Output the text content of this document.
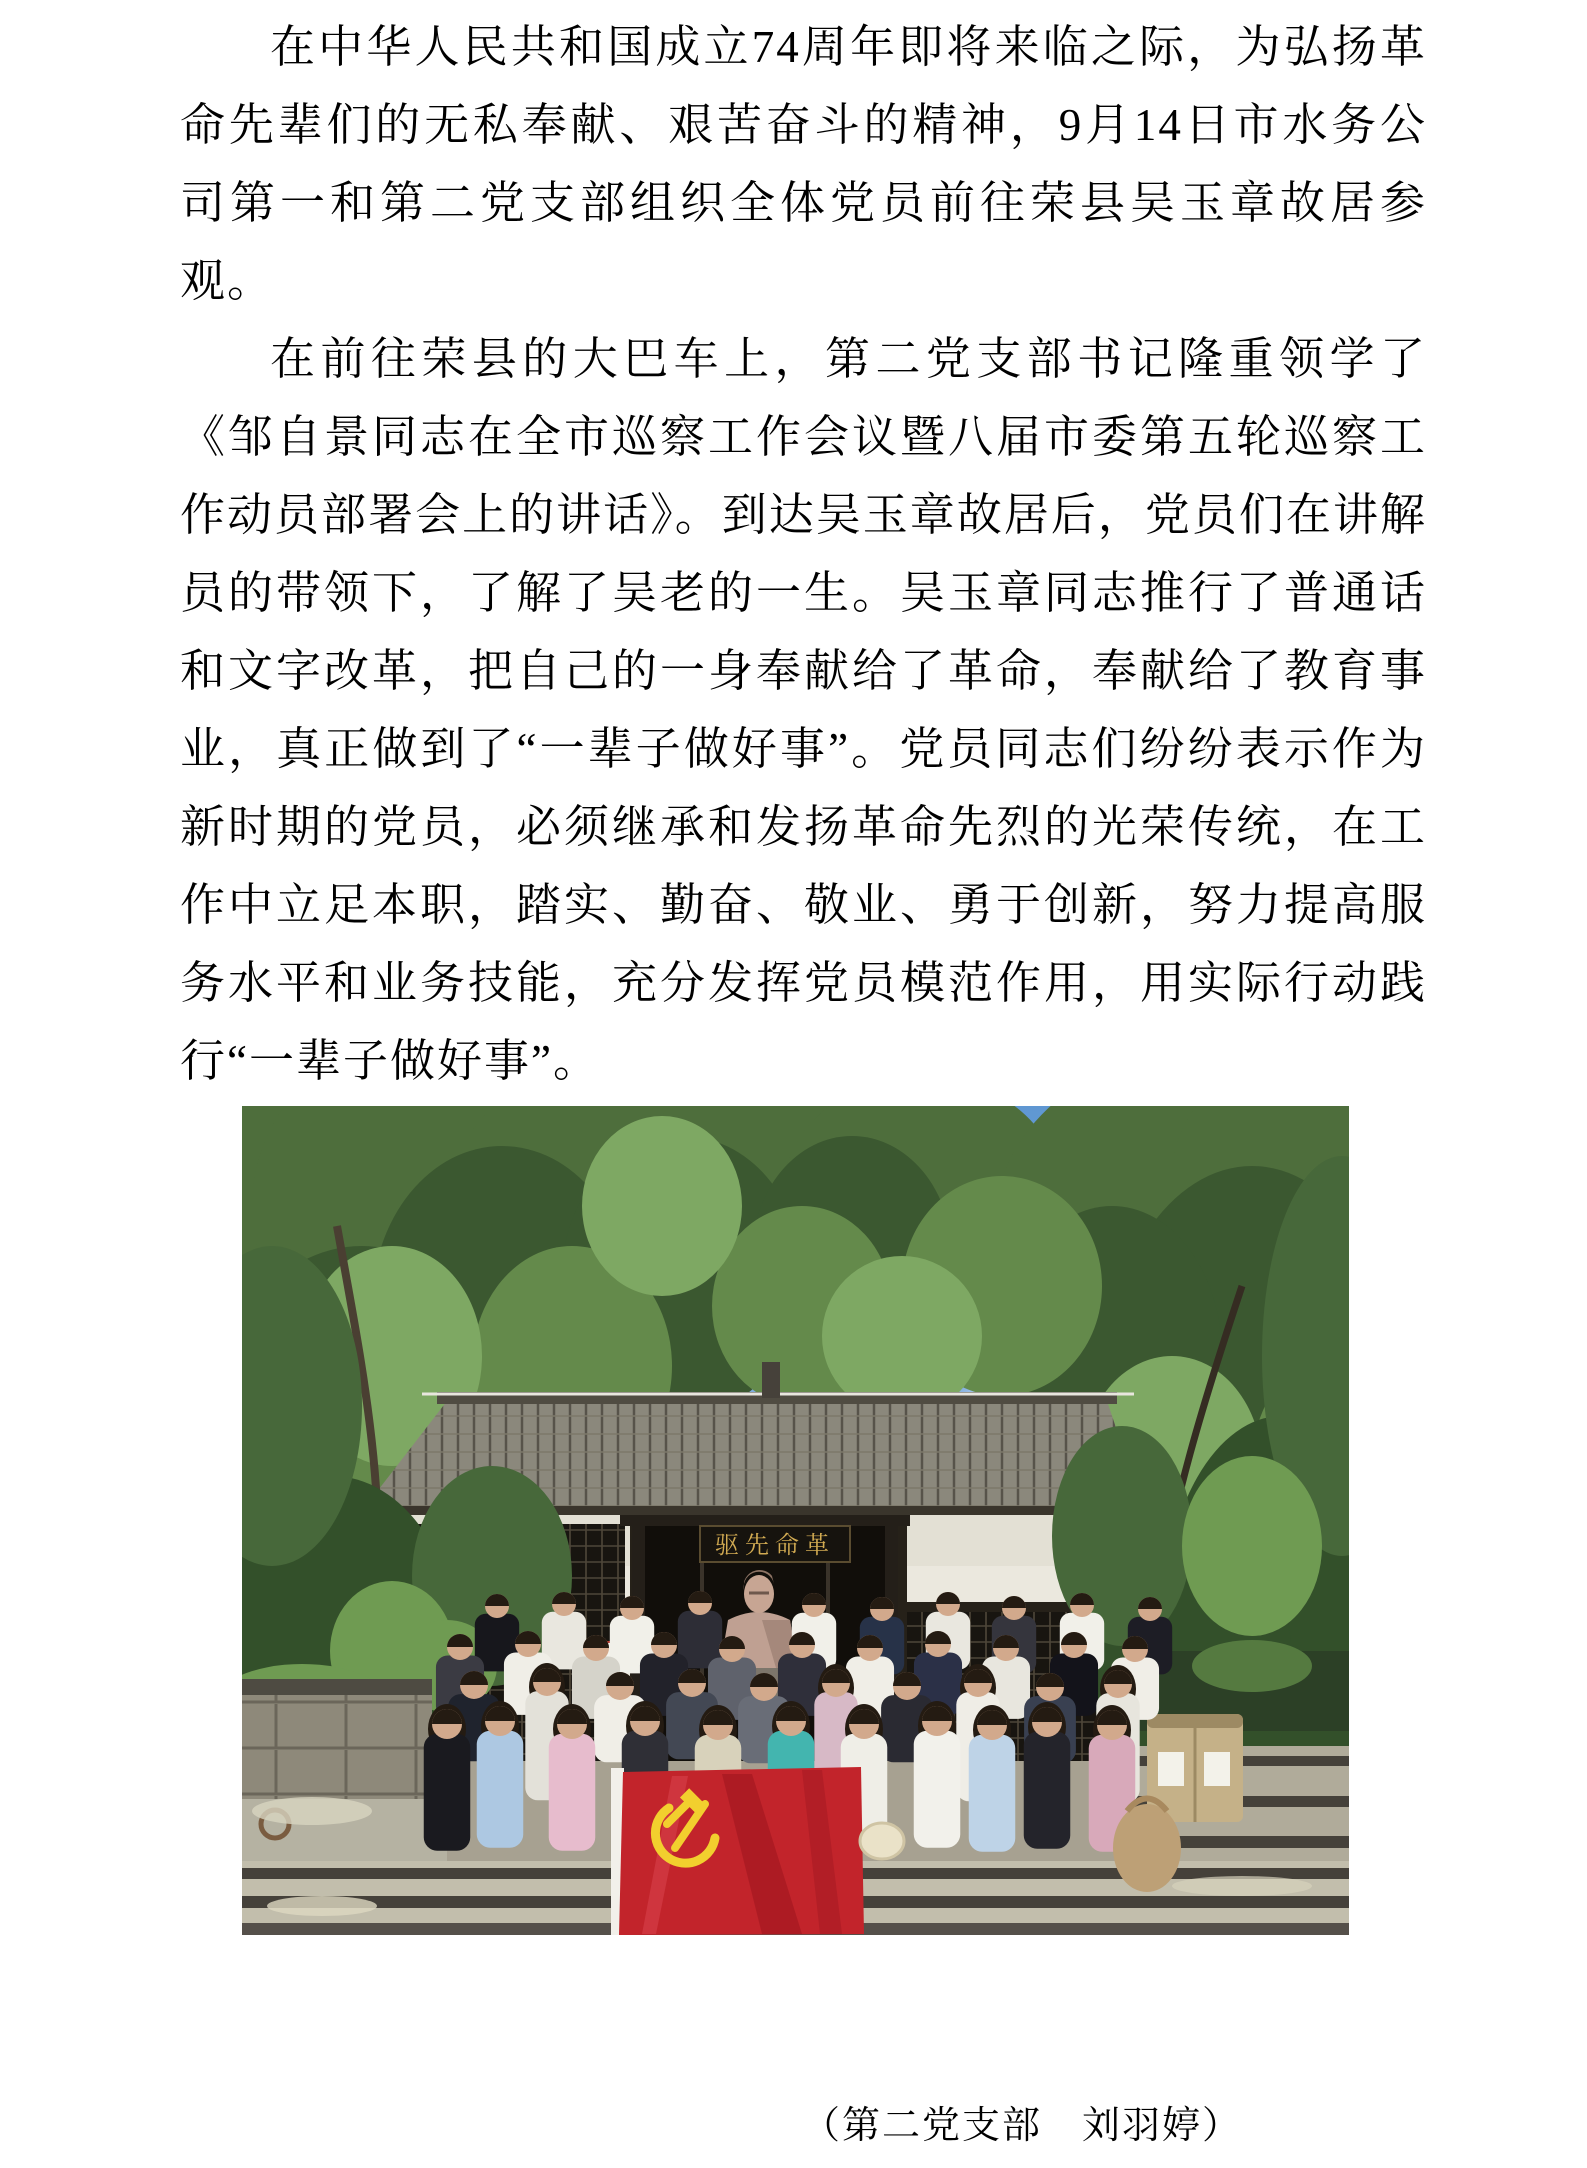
在中华人民共和国成立74周年即将来临之际，为弘扬革命先辈们的无私奉献、艰苦奋斗的精神，9月14日市水务公司第一和第二党支部组织全体党员前往荣县吴玉章故居参观。

在前往荣县的大巴车上，第二党支部书记隆重领学了《邹自景同志在全市巡察工作会议暨八届市委第五轮巡察工作动员部署会上的讲话》。到达吴玉章故居后，党员们在讲解员的带领下，了解了吴老的一生。吴玉章同志推行了普通话和文字改革，把自己的一身奉献给了革命，奉献给了教育事业，真正做到了“一辈子做好事”。党员同志们纷纷表示作为新时期的党员，必须继承和发扬革命先烈的光荣传统，在工作中立足本职，踏实、勤奋、敬业、勇于创新，努力提高服务水平和业务技能，充分发挥党员模范作用，用实际行动践行“一辈子做好事”。

驱先命革

（第二党支部　刘羽婷）
